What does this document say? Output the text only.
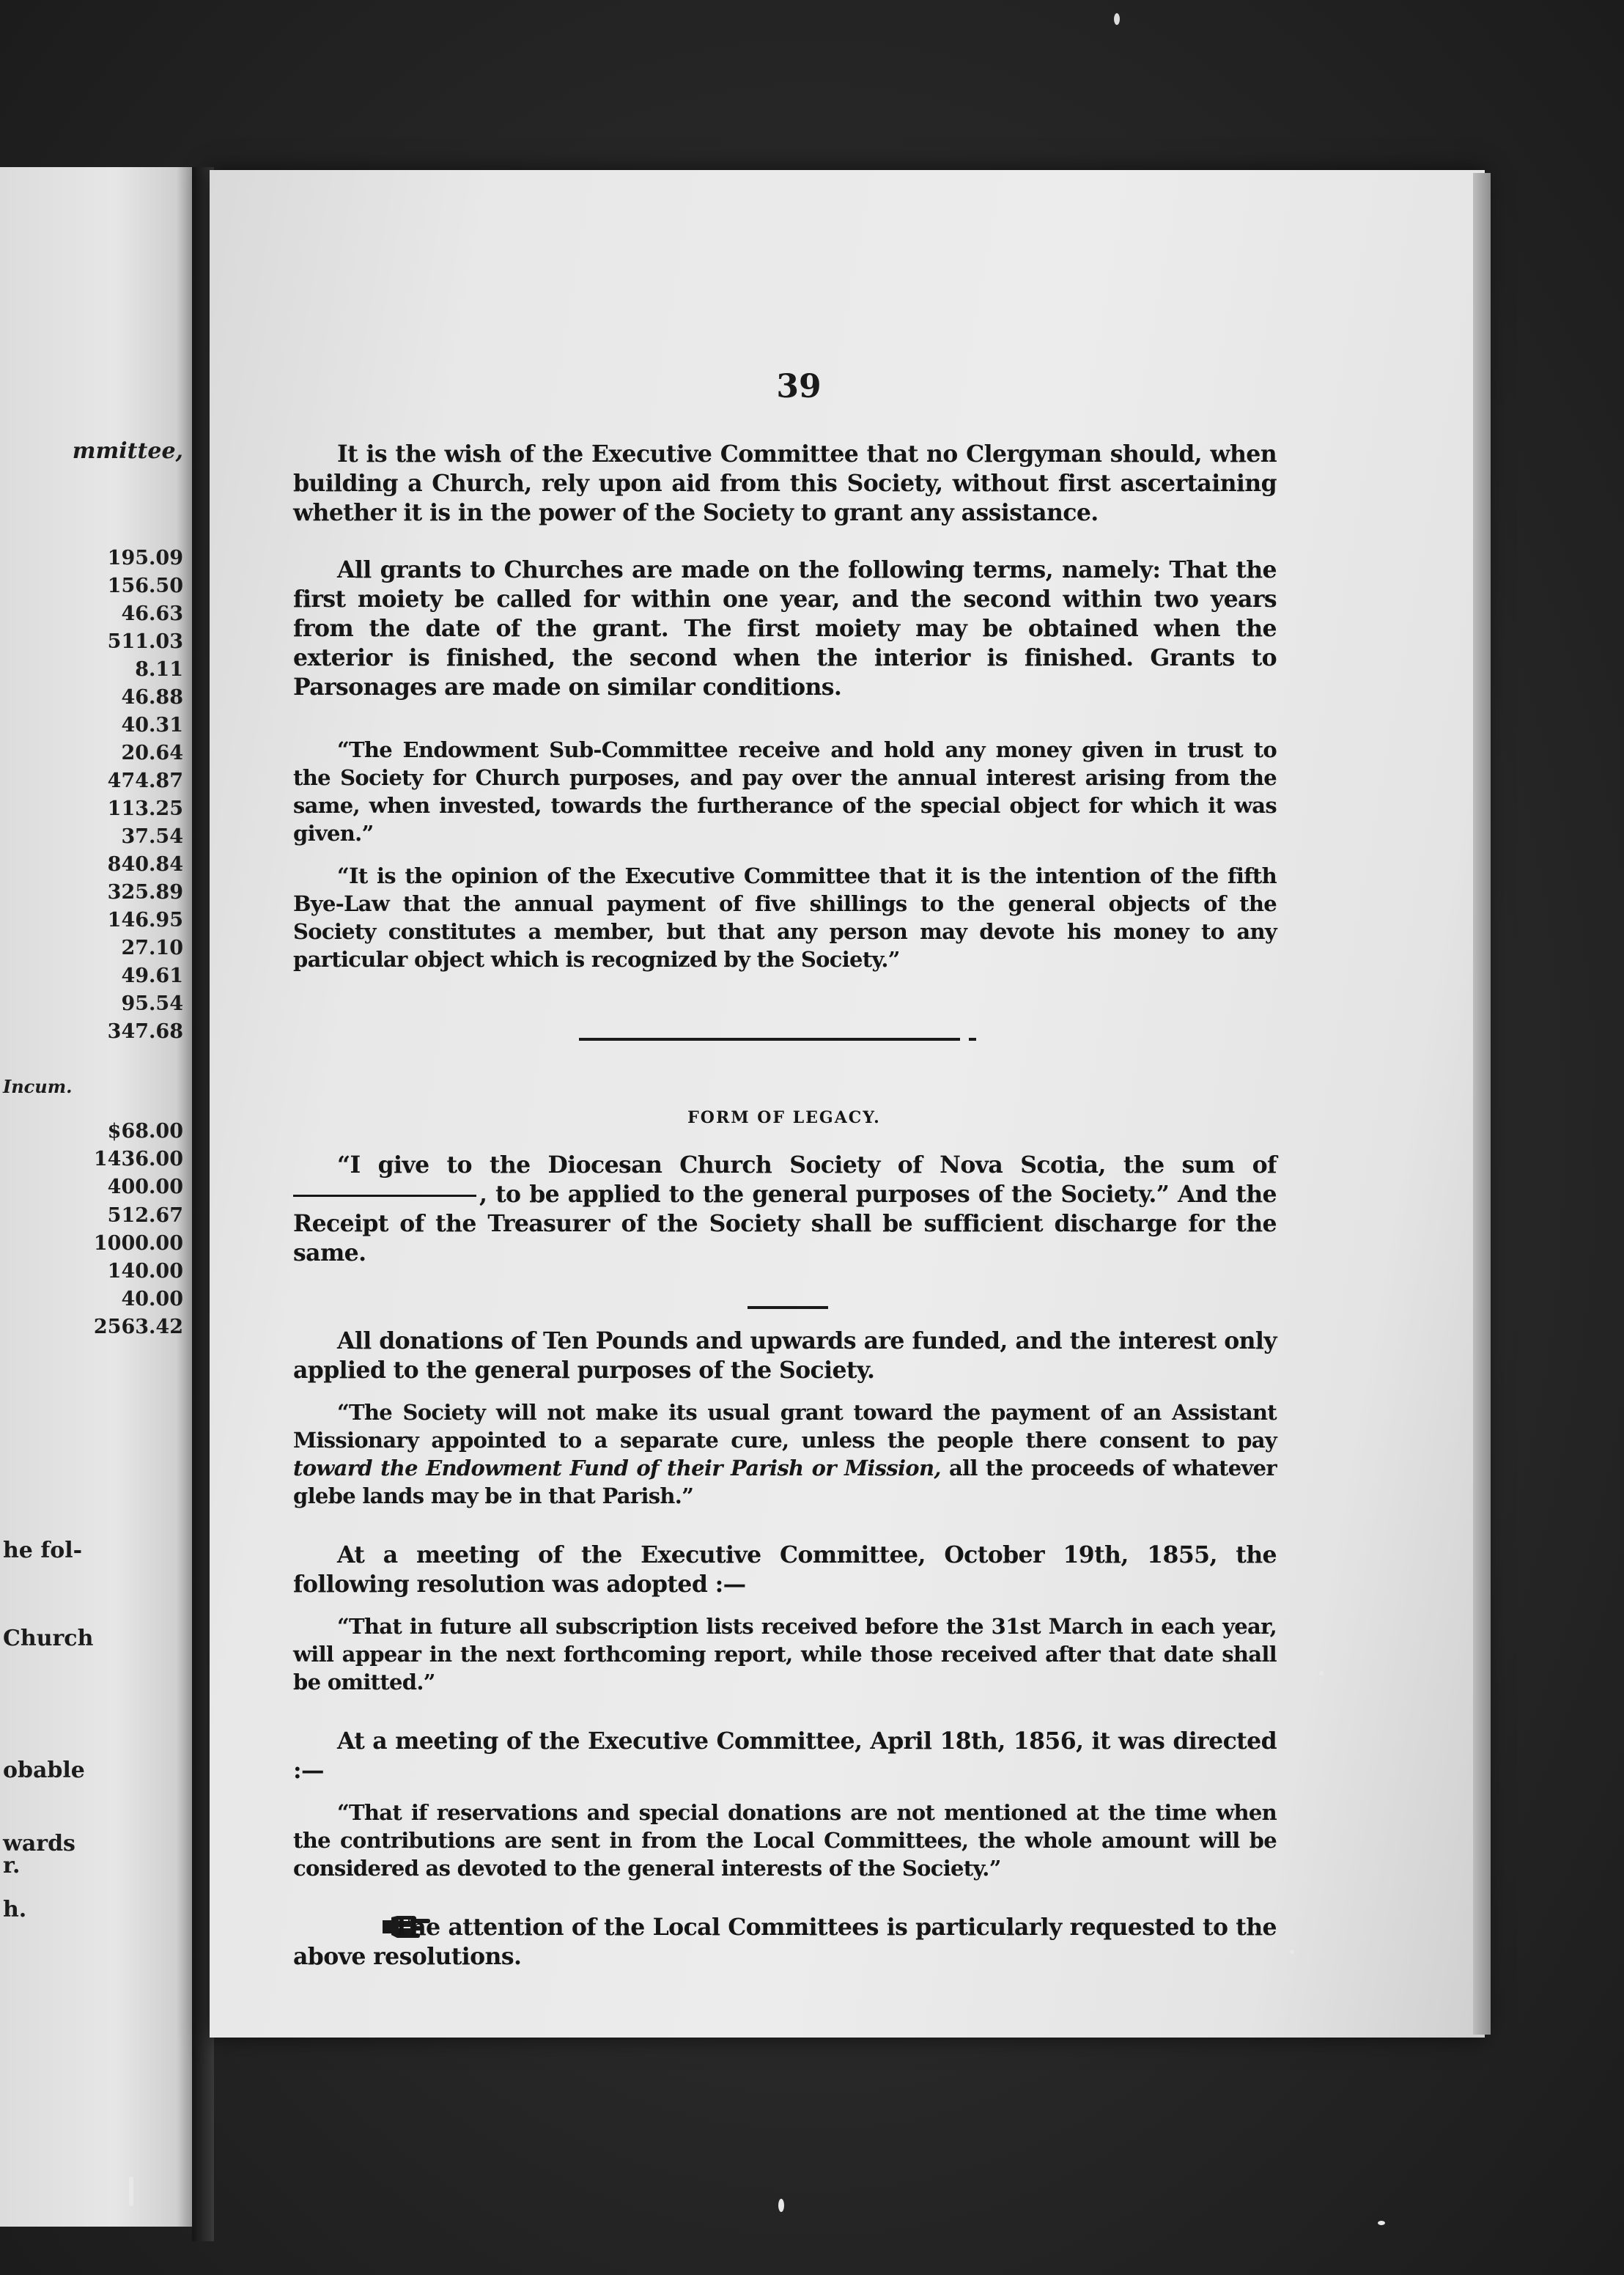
mmittee,
195.09
156.50
46.63
511.03
8.11
46.88
40.31
20.64
474.87
113.25
37.54
840.84
325.89
146.95
27.10
49.61
95.54
347.68
Incum.
$68.00
1436.00
400.00
512.67
1000.00
140.00
40.00
2563.42
he fol-
Church
obable
wards
r.
h.
39

It is the wish of the Executive Committee that no Clergyman should, when building a Church, rely upon aid from this Society, without first ascertaining whether it is in the power of the Society to grant any assistance.

All grants to Churches are made on the following terms, namely: That the first moiety be called for within one year, and the second within two years from the date of the grant. The first moiety may be obtained when the exterior is finished, the second when the interior is finished. Grants to Parsonages are made on similar conditions.

“The Endowment Sub-Committee receive and hold any money given in trust to the Society for Church purposes, and pay over the annual interest arising from the same, when invested, towards the furtherance of the special object for which it was given.”

“It is the opinion of the Executive Committee that it is the intention of the fifth Bye-Law that the annual payment of five shillings to the general objects of the Society constitutes a member, but that any person may devote his money to any particular object which is recognized by the Society.”

FORM OF LEGACY.

“I give to the Diocesan Church Society of Nova Scotia, the sum of , to be applied to the general purposes of the Society.” And the Receipt of the Treasurer of the Society shall be sufficient discharge for the same.

All donations of Ten Pounds and upwards are funded, and the interest only applied to the general purposes of the Society.

“The Society will not make its usual grant toward the payment of an Assistant Missionary appointed to a separate cure, unless the people there consent to pay toward the Endowment Fund of their Parish or Mission, all the proceeds of whatever glebe lands may be in that Parish.”

At a meeting of the Executive Committee, October 19th, 1855, the following resolution was adopted :—

“That in future all subscription lists received before the 31st March in each year, will appear in the next forthcoming report, while those received after that date shall be omitted.”

At a meeting of the Executive Committee, April 18th, 1856, it was directed :—

“That if reservations and special donations are not mentioned at the time when the contributions are sent in from the Local Committees, the whole amount will be considered as devoted to the general interests of the Society.”

The attention of the Local Committees is particularly requested to the above resolutions.
